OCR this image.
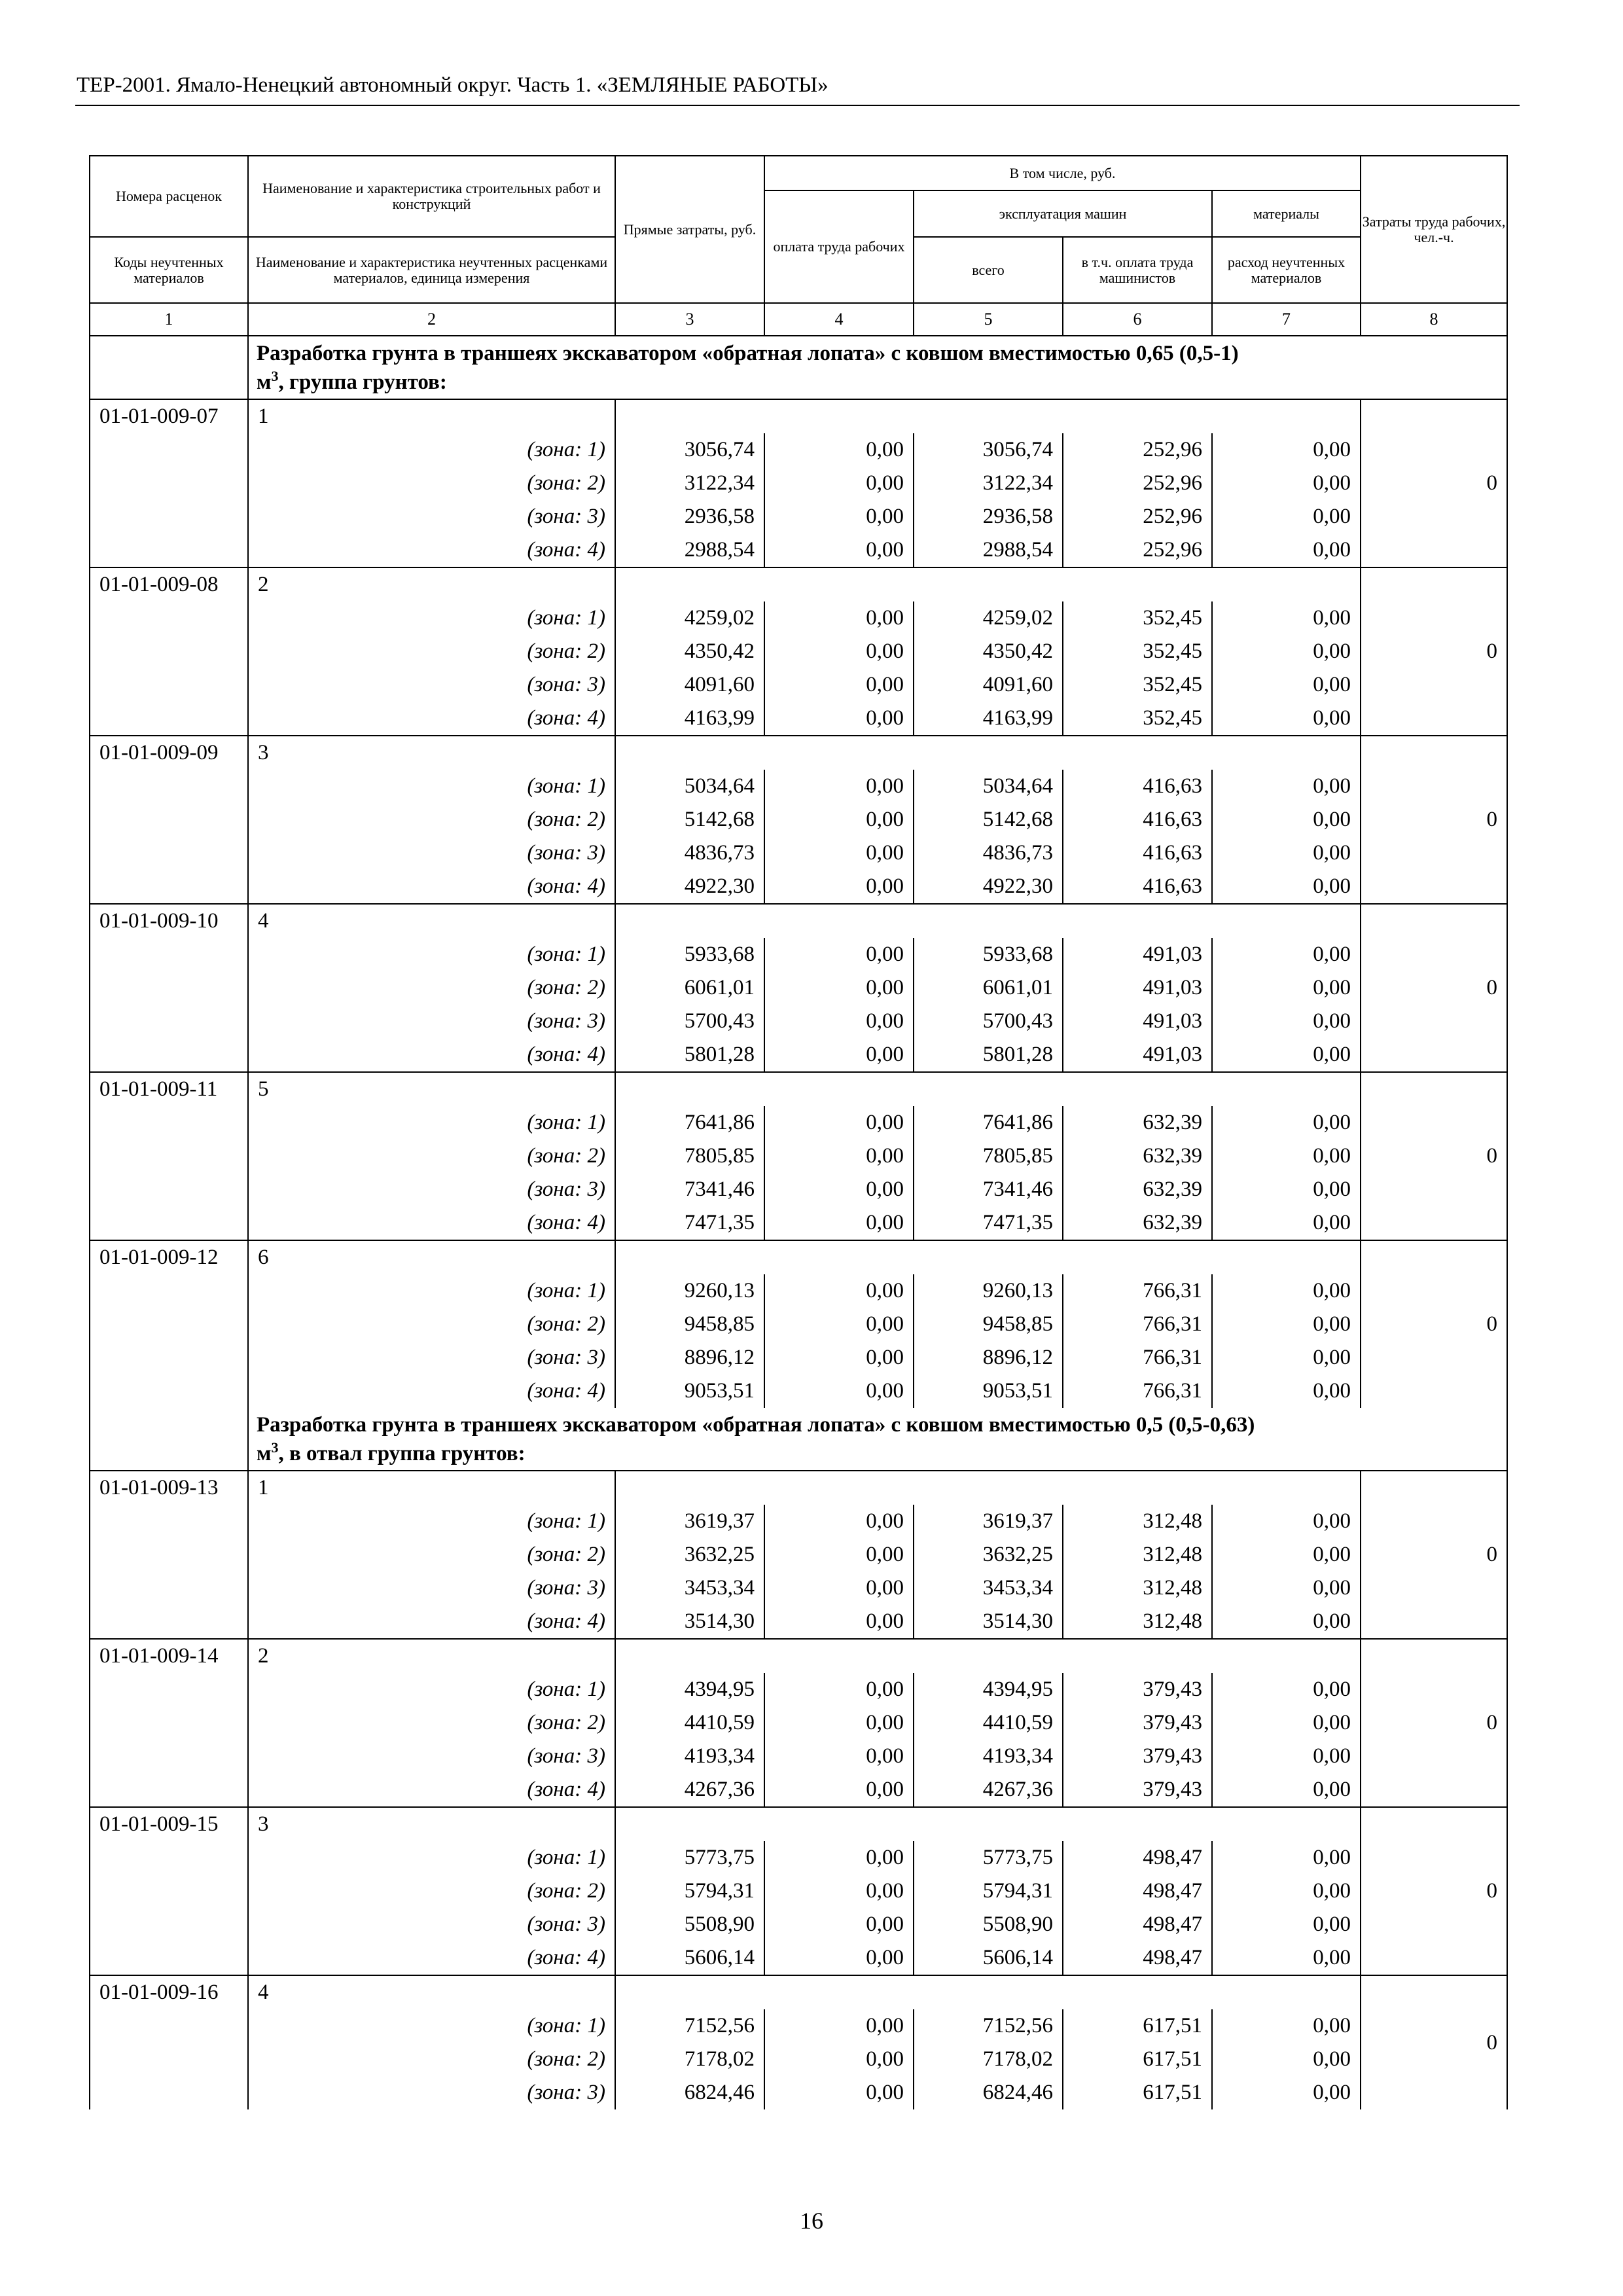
ТЕР-2001. Ямало-Ненецкий автономный округ. Часть 1. «ЗЕМЛЯНЫЕ РАБОТЫ»
Номера расценок	Наименование и характеристика строительных работ и конструкций	Прямые затраты, руб.	В том числе, руб.				Затраты труда рабочих, чел.-ч.
			оплата труда рабочих	эксплуатация машин		материалы	
Коды неучтенных материалов	Наименование и характеристика неучтенных расценками материалов, единица измерения			всего	в т.ч. оплата труда машинистов	расход неучтенных материалов	
1	2	3	4	5	6	7	8
	Разработка грунта в траншеях экскаватором «обратная лопата» с ковшом вместимостью 0,65 (0,5-1)
$м^3$, группа грунтов:						
01-01-009-07	1						0
	(зона: 1)	3056,74	0,00	3056,74	252,96	0,00	
	(зона: 2)	3122,34	0,00	3122,34	252,96	0,00	
	(зона: 3)	2936,58	0,00	2936,58	252,96	0,00	
	(зона: 4)	2988,54	0,00	2988,54	252,96	0,00	
01-01-009-08	2						0
	(зона: 1)	4259,02	0,00	4259,02	352,45	0,00	
	(зона: 2)	4350,42	0,00	4350,42	352,45	0,00	
	(зона: 3)	4091,60	0,00	4091,60	352,45	0,00	
	(зона: 4)	4163,99	0,00	4163,99	352,45	0,00	
01-01-009-09	3						0
	(зона: 1)	5034,64	0,00	5034,64	416,63	0,00	
	(зона: 2)	5142,68	0,00	5142,68	416,63	0,00	
	(зона: 3)	4836,73	0,00	4836,73	416,63	0,00	
	(зона: 4)	4922,30	0,00	4922,30	416,63	0,00	
01-01-009-10	4						0
	(зона: 1)	5933,68	0,00	5933,68	491,03	0,00	
	(зона: 2)	6061,01	0,00	6061,01	491,03	0,00	
	(зона: 3)	5700,43	0,00	5700,43	491,03	0,00	
	(зона: 4)	5801,28	0,00	5801,28	491,03	0,00	
01-01-009-11	5						0
	(зона: 1)	7641,86	0,00	7641,86	632,39	0,00	
	(зона: 2)	7805,85	0,00	7805,85	632,39	0,00	
	(зона: 3)	7341,46	0,00	7341,46	632,39	0,00	
	(зона: 4)	7471,35	0,00	7471,35	632,39	0,00	
01-01-009-12	6						0
	(зона: 1)	9260,13	0,00	9260,13	766,31	0,00	
	(зона: 2)	9458,85	0,00	9458,85	766,31	0,00	
	(зона: 3)	8896,12	0,00	8896,12	766,31	0,00	
	(зона: 4)	9053,51	0,00	9053,51	766,31	0,00	
	Разработка грунта в траншеях экскаватором «обратная лопата» с ковшом вместимостью 0,5 (0,5-0,63)
$м^3$, в отвал группа грунтов:						
01-01-009-13	1						0
	(зона: 1)	3619,37	0,00	3619,37	312,48	0,00	
	(зона: 2)	3632,25	0,00	3632,25	312,48	0,00	
	(зона: 3)	3453,34	0,00	3453,34	312,48	0,00	
	(зона: 4)	3514,30	0,00	3514,30	312,48	0,00	
01-01-009-14	2						0
	(зона: 1)	4394,95	0,00	4394,95	379,43	0,00	
	(зона: 2)	4410,59	0,00	4410,59	379,43	0,00	
	(зона: 3)	4193,34	0,00	4193,34	379,43	0,00	
	(зона: 4)	4267,36	0,00	4267,36	379,43	0,00	
01-01-009-15	3						0
	(зона: 1)	5773,75	0,00	5773,75	498,47	0,00	
	(зона: 2)	5794,31	0,00	5794,31	498,47	0,00	
	(зона: 3)	5508,90	0,00	5508,90	498,47	0,00	
	(зона: 4)	5606,14	0,00	5606,14	498,47	0,00	
01-01-009-16	4						0
	(зона: 1)	7152,56	0,00	7152,56	617,51	0,00	
	(зона: 2)	7178,02	0,00	7178,02	617,51	0,00	
	(зона: 3)	6824,46	0,00	6824,46	617,51	0,00	
16
